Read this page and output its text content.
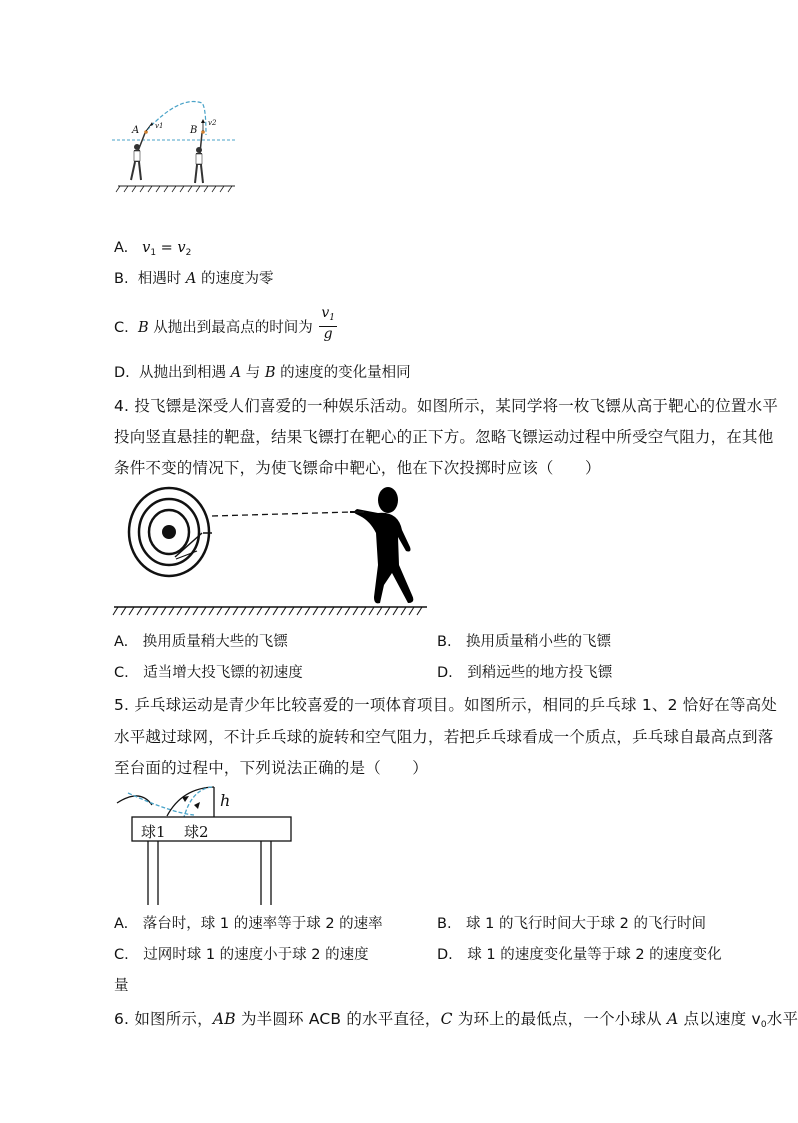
A	B
v1	v2
A. $v_1 = v_2$
B. 相遇时 A 的速度为零
C. B 从抛出到最高点的时间为 $\frac{v_1}{g}$
D. 从抛出到相遇 A 与 B 的速度的变化量相同
4. 投飞镖是深受人们喜爱的一种娱乐活动。如图所示，某同学将一枚飞镖从高于靶心的位置水平
投向竖直悬挂的靶盘，结果飞镖打在靶心的正下方。忽略飞镖运动过程中所受空气阻力，在其他
条件不变的情况下，为使飞镖命中靶心，他在下次投掷时应该（　　）
A.　换用质量稍大些的飞镖	B.　换用质量稍小些的飞镖
C.　适当增大投飞镖的初速度	D.　到稍远些的地方投飞镖
5. 乒乓球运动是青少年比较喜爱的一项体育项目。如图所示，相同的乒乓球 1、2 恰好在等高处
水平越过球网，不计乒乓球的旋转和空气阻力，若把乒乓球看成一个质点，乒乓球自最高点到落
至台面的过程中，下列说法正确的是（　　）
h
球1 球2
A.　落台时，球 1 的速率等于球 2 的速率	B.　球 1 的飞行时间大于球 2 的飞行时间
C.　过网时球 1 的速度小于球 2 的速度	D.　球 1 的速度变化量等于球 2 的速度变化
量
6. 如图所示，AB 为半圆环 ACB 的水平直径，C 为环上的最低点，一个小球从 A 点以速度 $v_0$水平
